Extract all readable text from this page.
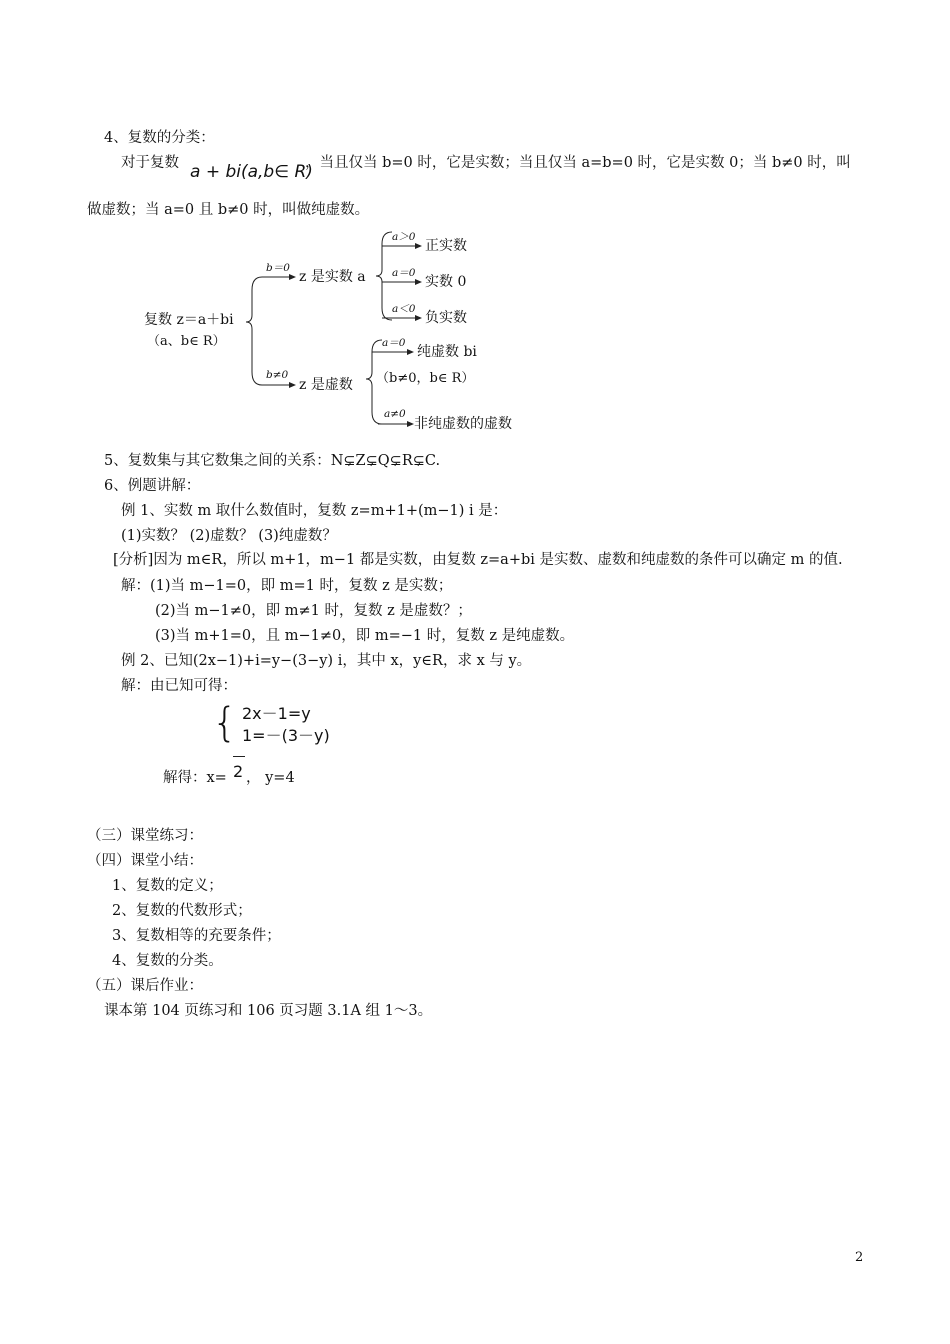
4、复数的分类：
对于复数 a + bi(a,b∈ R)
，当且仅当 b=0 时，它是实数；当且仅当 a=b=0 时，它是实数 0；当 b≠0 时，叫
做虚数；当 a=0 且 b≠0 时，叫做纯虚数。
复数 z＝a＋bi
（a、b∈ R）
b＝0
z 是实数 a
a＞0
正实数
a＝0
实数 0
a＜0
负实数
b≠0
z 是虚数
a＝0
纯虚数 bi
（b≠0，b∈ R）
a≠0
非纯虚数的虚数
5、复数集与其它数集之间的关系：N⊊Z⊊Q⊊R⊊C.
6、例题讲解：
例 1、实数 m 取什么数值时，复数 z=m+1+(m−1) i 是：
(1)实数？ (2)虚数？ (3)纯虚数？
[分析]因为 m∈R，所以 m+1，m−1 都是实数，由复数 z=a+bi 是实数、虚数和纯虚数的条件可以确定 m 的值.
解：(1)当 m−1=0，即 m=1 时，复数 z 是实数；
(2)当 m−1≠0，即 m≠1 时，复数 z 是虚数？；
(3)当 m+1=0，且 m−1≠0，即 m=−1 时，复数 z 是纯虚数。
例 2、已知(2x−1)+i=y−(3−y) i，其中 x，y∈R，求 x 与 y。
解：由已知可得：
{ 2x－1=y
1=－(3－y)
解得：x= 2 ， y=4
（三）课堂练习：
（四）课堂小结：
1、复数的定义；
2、复数的代数形式；
3、复数相等的充要条件；
4、复数的分类。
（五）课后作业：
课本第 104 页练习和 106 页习题 3.1A 组 1～3。
2
